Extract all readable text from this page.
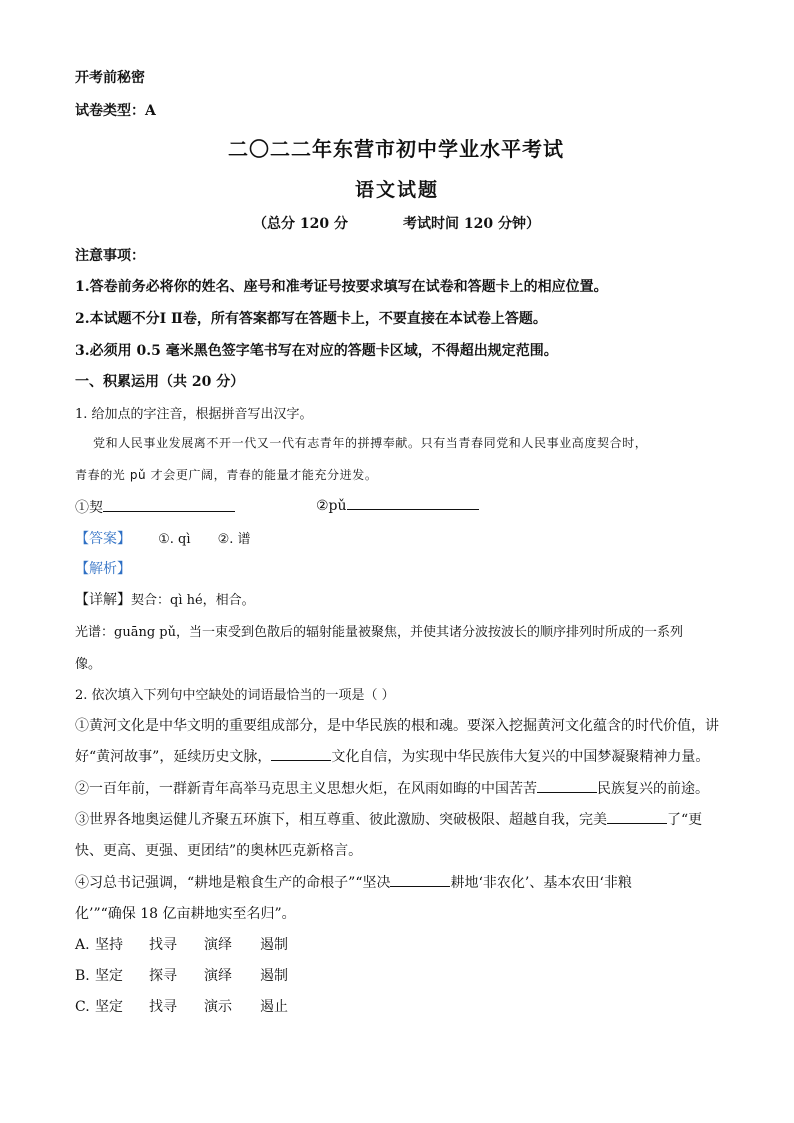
开考前秘密
试卷类型：A
二〇二二年东营市初中学业水平考试
语文试题
（总分 120 分	考试时间 120 分钟）
注意事项：
1.答卷前务必将你的姓名、座号和准考证号按要求填写在试卷和答题卡上的相应位置。
2.本试题不分Ⅰ Ⅱ卷，所有答案都写在答题卡上，不要直接在本试卷上答题。
3.必须用 0.5 毫米黑色签字笔书写在对应的答题卡区域，不得超出规定范围。
一、积累运用（共 20 分）
1. 给加点的字注音，根据拼音写出汉字。
党和人民事业发展离不开一代又一代有志青年的拼搏奉献。只有当青春同党和人民事业高度契合时，
青春的光 pǔ 才会更广阔，青春的能量才能充分迸发。
①契	②pǔ
【答案】 ①. qì ②. 谱
【解析】
【详解】契合：qì hé，相合。
光谱：guāng pǔ，当一束受到色散后的辐射能量被聚焦，并使其诸分波按波长的顺序排列时所成的一系列
像。
2. 依次填入下列句中空缺处的词语最恰当的一项是（ ）
①黄河文化是中华文明的重要组成部分，是中华民族的根和魂。要深入挖掘黄河文化蕴含的时代价值，讲
好“黄河故事”，延续历史文脉，	文化自信，为实现中华民族伟大复兴的中国梦凝聚精神力量。
②一百年前，一群新青年高举马克思主义思想火炬，在风雨如晦的中国苦苦	民族复兴的前途。
③世界各地奥运健儿齐聚五环旗下，相互尊重、彼此激励、突破极限、超越自我，完美	了“更
快、更高、更强、更团结”的奥林匹克新格言。
④习总书记强调，“耕地是粮食生产的命根子”“坚决	耕地‘非农化’、基本农田‘非粮
化’”“确保 18 亿亩耕地实至名归”。
A. 坚持 找寻 演绎 遏制
B. 坚定 探寻 演绎 遏制
C. 坚定 找寻 演示 遏止
